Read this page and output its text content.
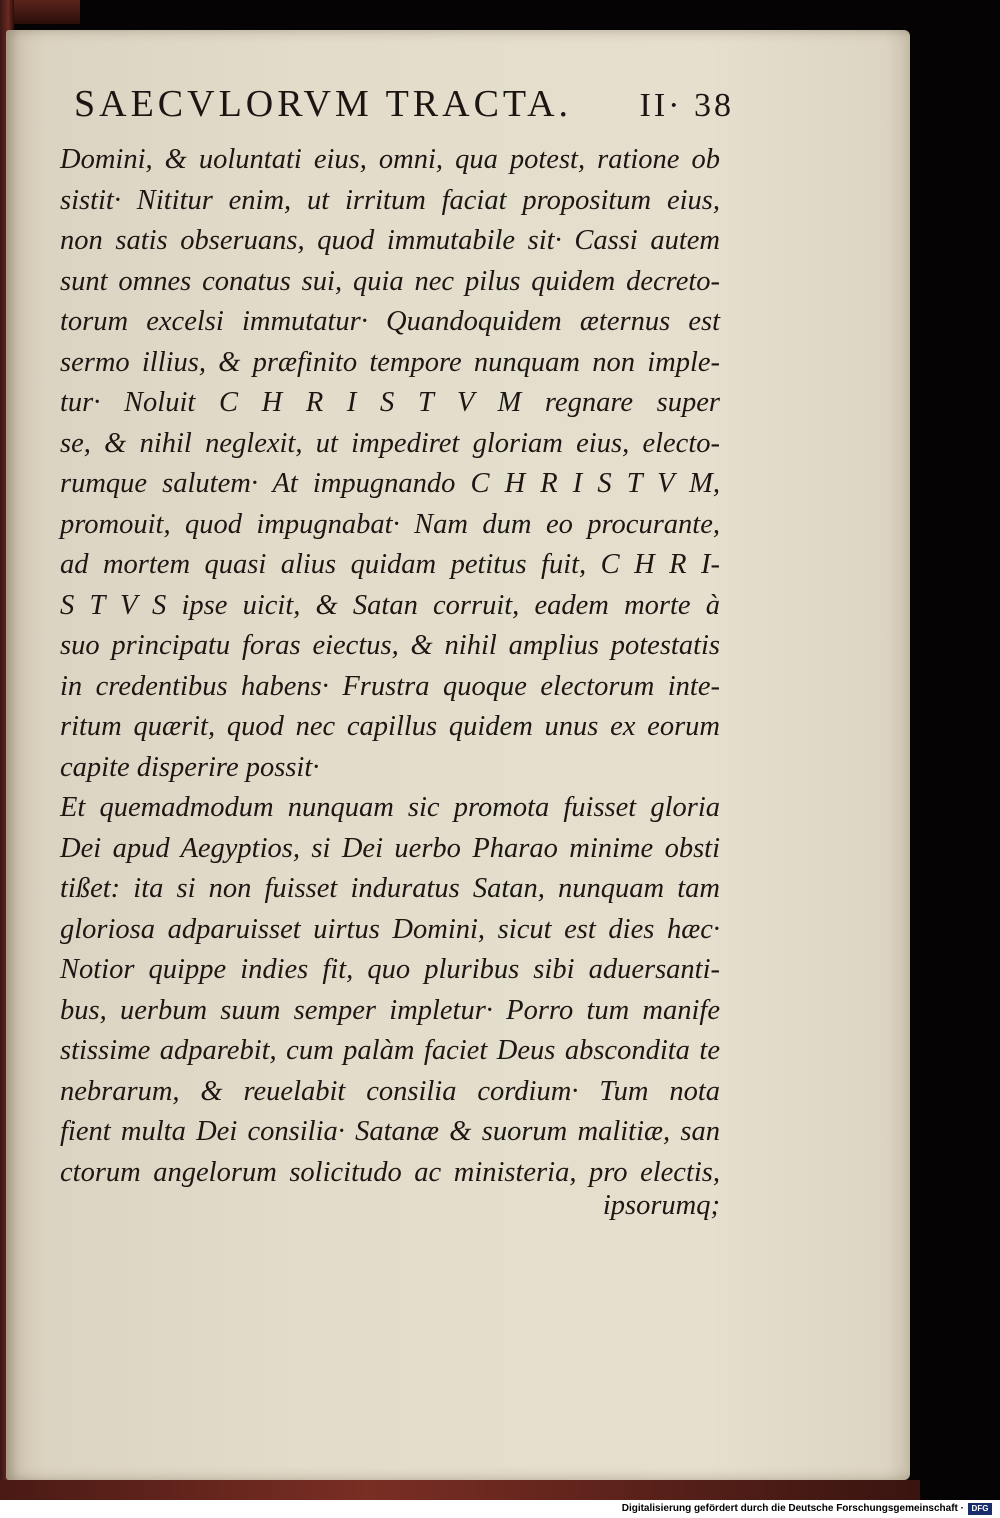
SAECVLORVM TRACTA. II· 38
Domini, & uoluntati eius, omni, qua potest, ratione ob
sistit· Nititur enim, ut irritum faciat propositum eius,
non satis obseruans, quod immutabile sit· Cassi autem
sunt omnes conatus sui, quia nec pilus quidem decreto-
torum excelsi immutatur· Quandoquidem æternus est
sermo illius, & præfinito tempore nunquam non imple-
tur· Noluit C H R I S T V M regnare super
se, & nihil neglexit, ut impediret gloriam eius, electo-
rumque salutem· At impugnando C H R I S T V M,
promouit, quod impugnabat· Nam dum eo procurante,
ad mortem quasi alius quidam petitus fuit, C H R I-
S T V S ipse uicit, & Satan corruit, eadem morte à
suo principatu foras eiectus, & nihil amplius potestatis
in credentibus habens· Frustra quoque electorum inte-
ritum quærit, quod nec capillus quidem unus ex eorum
capite disperire possit·
Et quemadmodum nunquam sic promota fuisset gloria
Dei apud Aegyptios, si Dei uerbo Pharao minime obsti
tißet: ita si non fuisset induratus Satan, nunquam tam
gloriosa adparuisset uirtus Domini, sicut est dies hæc·
Notior quippe indies fit, quo pluribus sibi aduersanti-
bus, uerbum suum semper impletur· Porro tum manife
stissime adparebit, cum palàm faciet Deus abscondita te
nebrarum, & reuelabit consilia cordium· Tum nota
fient multa Dei consilia· Satanæ & suorum malitiæ, san
ctorum angelorum solicitudo ac ministeria, pro electis,
ipsorumq;
Digitalisierung gefördert durch die Deutsche Forschungsgemeinschaft · DFG
